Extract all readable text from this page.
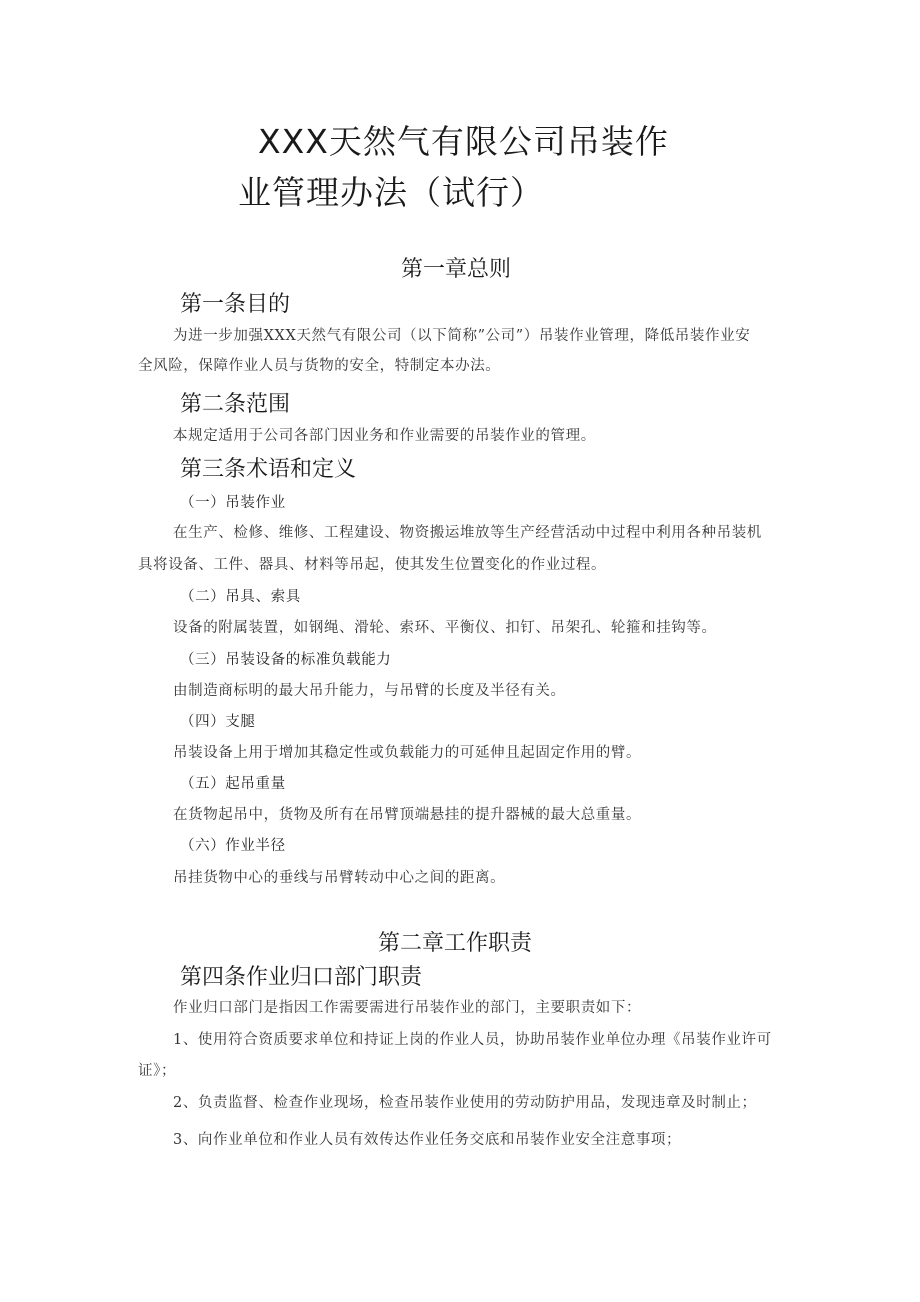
XXX天然气有限公司吊装作
业管理办法（试行）
第一章总则
第一条目的
为进一步加强XXX天然气有限公司（以下简称”公司”）吊装作业管理，降低吊装作业安
全风险，保障作业人员与货物的安全，特制定本办法。
第二条范围
本规定适用于公司各部门因业务和作业需要的吊装作业的管理。
第三条术语和定义
（一）吊装作业
在生产、检修、维修、工程建设、物资搬运堆放等生产经营活动中过程中利用各种吊装机
具将设备、工件、器具、材料等吊起，使其发生位置变化的作业过程。
（二）吊具、索具
设备的附属装置，如钢绳、滑轮、索环、平衡仪、扣钉、吊架孔、轮箍和挂钩等。
（三）吊装设备的标准负载能力
由制造商标明的最大吊升能力，与吊臂的长度及半径有关。
（四）支腿
吊装设备上用于增加其稳定性或负载能力的可延伸且起固定作用的臂。
（五）起吊重量
在货物起吊中，货物及所有在吊臂顶端悬挂的提升器械的最大总重量。
（六）作业半径
吊挂货物中心的垂线与吊臂转动中心之间的距离。
第二章工作职责
第四条作业归口部门职责
作业归口部门是指因工作需要需进行吊装作业的部门，主要职责如下：
1、使用符合资质要求单位和持证上岗的作业人员，协助吊装作业单位办理《吊装作业许可
证》；
2、负责监督、检查作业现场，检查吊装作业使用的劳动防护用品，发现违章及时制止；
3、向作业单位和作业人员有效传达作业任务交底和吊装作业安全注意事项；
